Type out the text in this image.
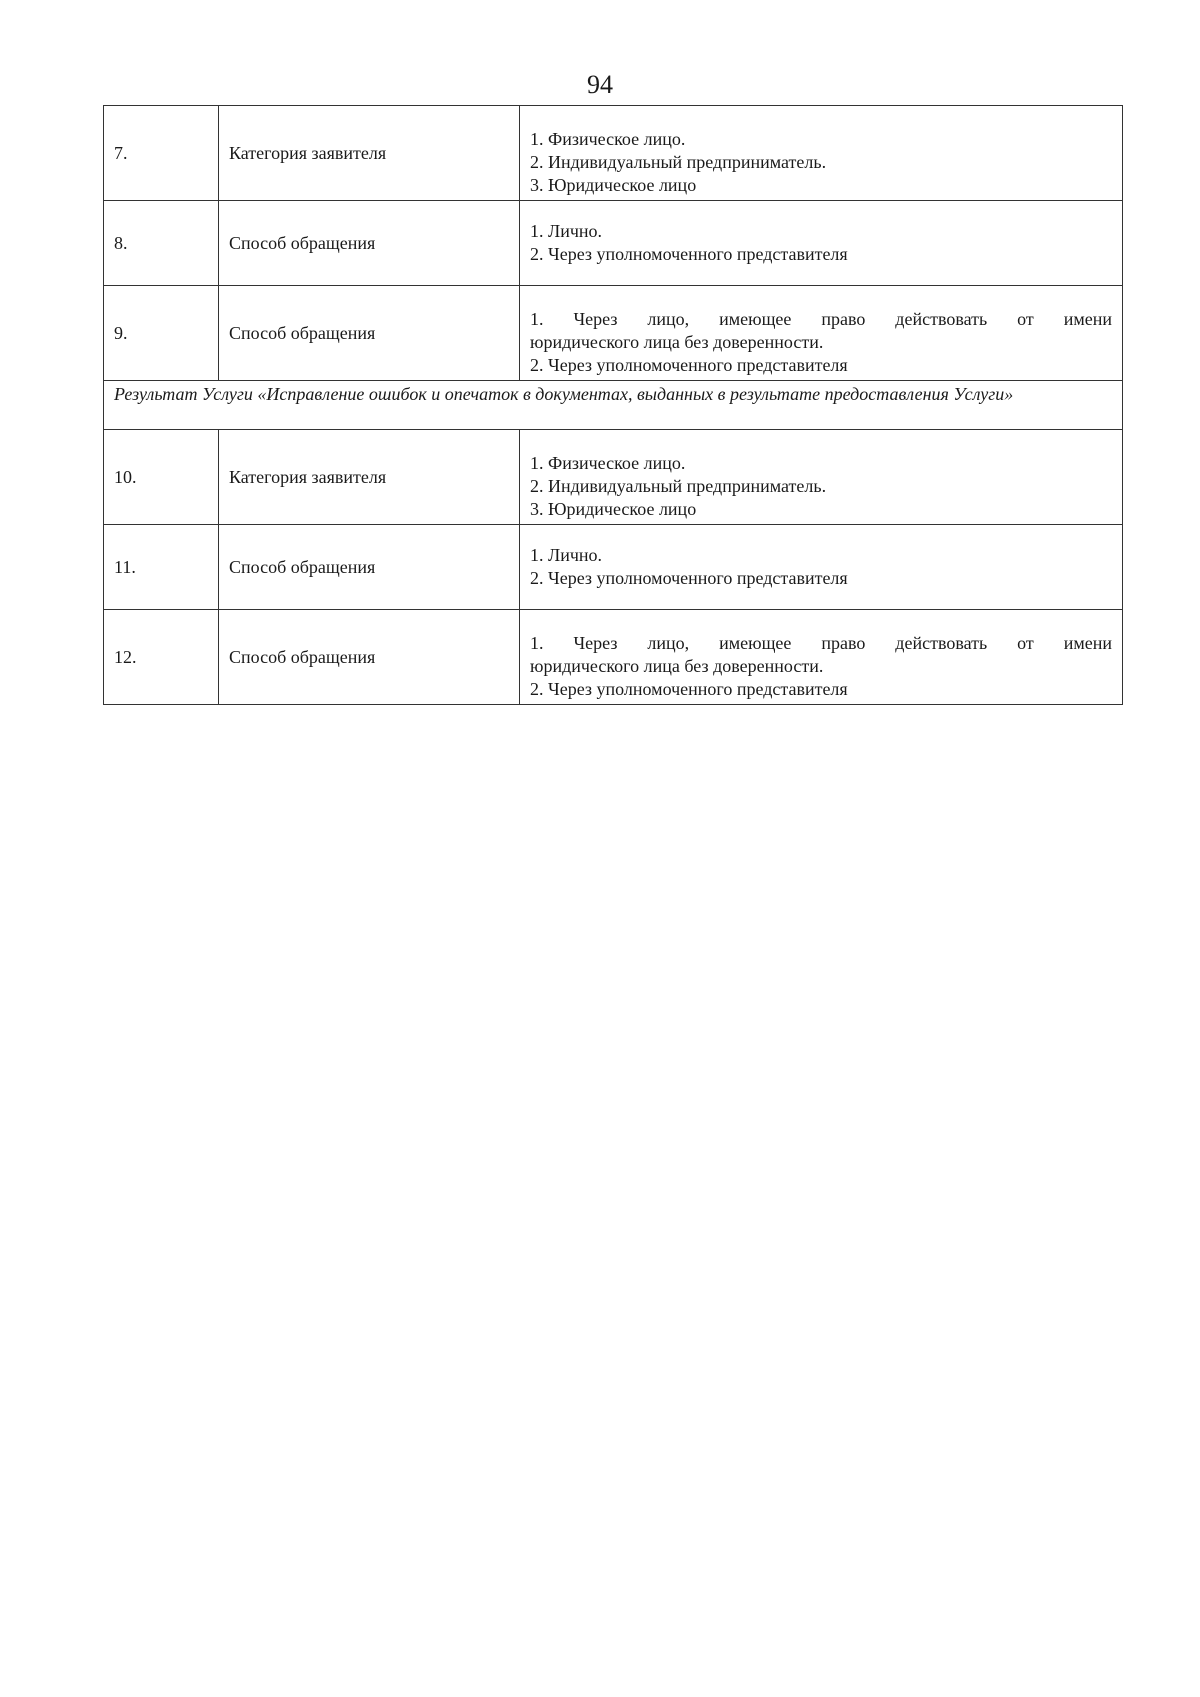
94
7.	Категория заявителя	1. Физическое лицо.
2. Индивидуальный предприниматель.
3. Юридическое лицо

8.	Способ обращения	1. Лично.
2. Через уполномоченного представителя

9.	Способ обращения	1. Через лицо, имеющее право действовать от имени
юридического лица без доверенности.
2. Через уполномоченного представителя

Результат Услуги «Исправление ошибок и опечаток в документах, выданных в результате предоставления Услуги»		
10.	Категория заявителя	1. Физическое лицо.
2. Индивидуальный предприниматель.
3. Юридическое лицо

11.	Способ обращения	1. Лично.
2. Через уполномоченного представителя

12.	Способ обращения	1. Через лицо, имеющее право действовать от имени
юридического лица без доверенности.
2. Через уполномоченного представителя
